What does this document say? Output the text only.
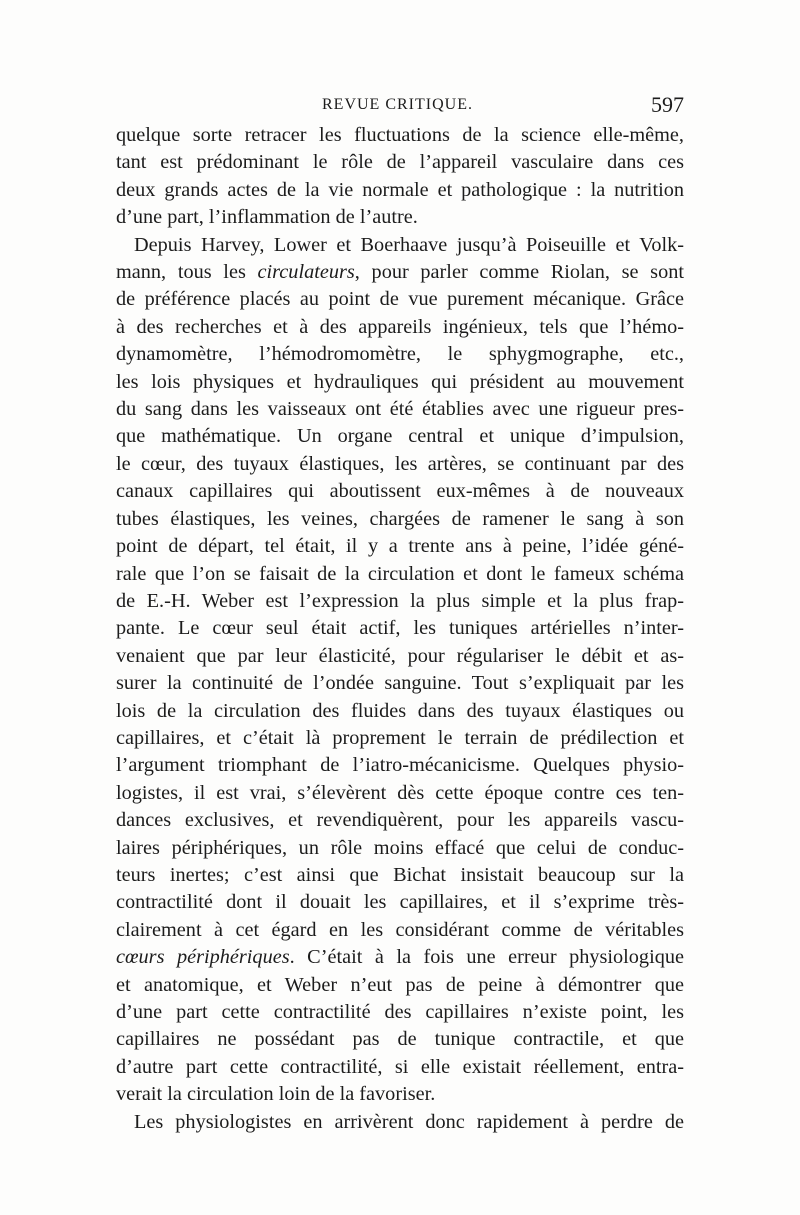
REVUE CRITIQUE.	597
quelque sorte retracer les fluctuations de la science elle-même,
tant est prédominant le rôle de l’appareil vasculaire dans ces
deux grands actes de la vie normale et pathologique : la nutrition
d’une part, l’inflammation de l’autre.
Depuis Harvey, Lower et Boerhaave jusqu’à Poiseuille et Volk-
mann, tous les circulateurs, pour parler comme Riolan, se sont
de préférence placés au point de vue purement mécanique. Grâce
à des recherches et à des appareils ingénieux, tels que l’hémo-
dynamomètre, l’hémodromomètre, le sphygmographe, etc.,
les lois physiques et hydrauliques qui président au mouvement
du sang dans les vaisseaux ont été établies avec une rigueur pres-
que mathématique. Un organe central et unique d’impulsion,
le cœur, des tuyaux élastiques, les artères, se continuant par des
canaux capillaires qui aboutissent eux-mêmes à de nouveaux
tubes élastiques, les veines, chargées de ramener le sang à son
point de départ, tel était, il y a trente ans à peine, l’idée géné-
rale que l’on se faisait de la circulation et dont le fameux schéma
de E.-H. Weber est l’expression la plus simple et la plus frap-
pante. Le cœur seul était actif, les tuniques artérielles n’inter-
venaient que par leur élasticité, pour régulariser le débit et as-
surer la continuité de l’ondée sanguine. Tout s’expliquait par les
lois de la circulation des fluides dans des tuyaux élastiques ou
capillaires, et c’était là proprement le terrain de prédilection et
l’argument triomphant de l’iatro-mécanicisme. Quelques physio-
logistes, il est vrai, s’élevèrent dès cette époque contre ces ten-
dances exclusives, et revendiquèrent, pour les appareils vascu-
laires périphériques, un rôle moins effacé que celui de conduc-
teurs inertes; c’est ainsi que Bichat insistait beaucoup sur la
contractilité dont il douait les capillaires, et il s’exprime très-
clairement à cet égard en les considérant comme de véritables
cœurs périphériques. C’était à la fois une erreur physiologique
et anatomique, et Weber n’eut pas de peine à démontrer que
d’une part cette contractilité des capillaires n’existe point, les
capillaires ne possédant pas de tunique contractile, et que
d’autre part cette contractilité, si elle existait réellement, entra-
verait la circulation loin de la favoriser.
Les physiologistes en arrivèrent donc rapidement à perdre de
